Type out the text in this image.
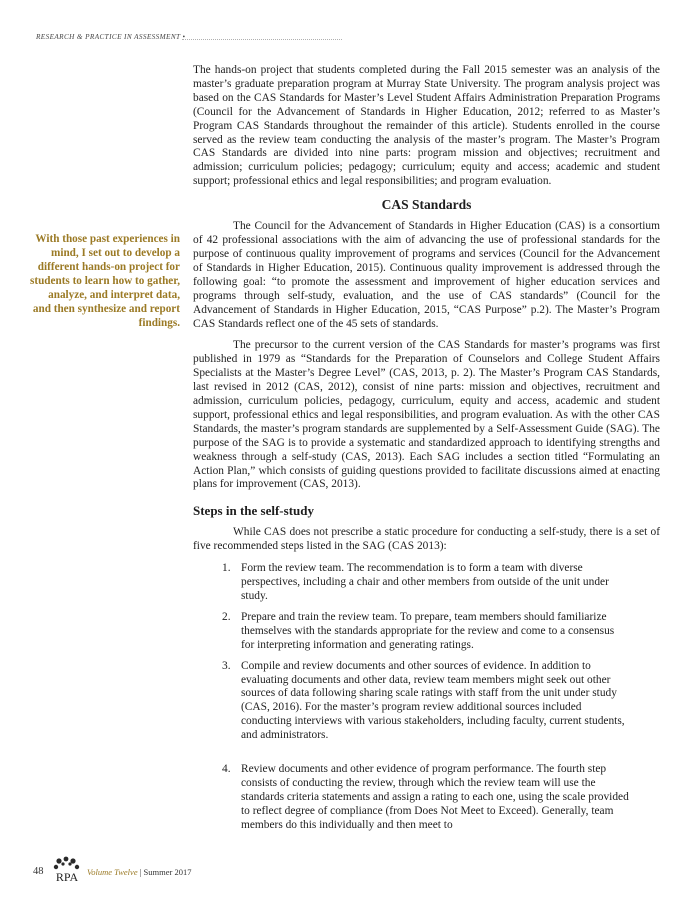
RESEARCH & PRACTICE IN ASSESSMENT •
With those past experiences in mind, I set out to develop a different hands-on project for students to learn how to gather, analyze, and interpret data, and then synthesize and report findings.

The hands-on project that students completed during the Fall 2015 semester was an analysis of the master’s graduate preparation program at Murray State University. The program analysis project was based on the CAS Standards for Master’s Level Student Affairs Administration Preparation Programs (Council for the Advancement of Standards in Higher Education, 2012; referred to as Master’s Program CAS Standards throughout the remainder of this article). Students enrolled in the course served as the review team conducting the analysis of the master’s program. The Master’s Program CAS Standards are divided into nine parts: program mission and objectives; recruitment and admission; curriculum policies; pedagogy; curriculum; equity and access; academic and student support; professional ethics and legal responsibilities; and program evaluation.

CAS Standards

The Council for the Advancement of Standards in Higher Education (CAS) is a consortium of 42 professional associations with the aim of advancing the use of professional standards for the purpose of continuous quality improvement of programs and services (Council for the Advancement of Standards in Higher Education, 2015). Continuous quality improvement is addressed through the following goal: “to promote the assessment and improvement of higher education services and programs through self-study, evaluation, and the use of CAS standards” (Council for the Advancement of Standards in Higher Education, 2015, “CAS Purpose” p.2). The Master’s Program CAS Standards reflect one of the 45 sets of standards.

The precursor to the current version of the CAS Standards for master’s programs was first published in 1979 as “Standards for the Preparation of Counselors and College Student Affairs Specialists at the Master’s Degree Level” (CAS, 2013, p. 2). The Master’s Program CAS Standards, last revised in 2012 (CAS, 2012), consist of nine parts: mission and objectives, recruitment and admission, curriculum policies, pedagogy, curriculum, equity and access, academic and student support, professional ethics and legal responsibilities, and program evaluation. As with the other CAS Standards, the master’s program standards are supplemented by a Self-Assessment Guide (SAG). The purpose of the SAG is to provide a systematic and standardized approach to identifying strengths and weakness through a self-study (CAS, 2013). Each SAG includes a section titled “Formulating an Action Plan,” which consists of guiding questions provided to facilitate discussions aimed at enacting plans for improvement (CAS, 2013).

Steps in the self-study

While CAS does not prescribe a static procedure for conducting a self-study, there is a set of five recommended steps listed in the SAG (CAS 2013):

1. Form the review team. The recommendation is to form a team with diverse perspectives, including a chair and other members from outside of the unit under study.
2. Prepare and train the review team. To prepare, team members should familiarize themselves with the standards appropriate for the review and come to a consensus for interpreting information and generating ratings.
3. Compile and review documents and other sources of evidence. In addition to evaluating documents and other data, review team members might seek out other sources of data following sharing scale ratings with staff from the unit under study (CAS, 2016). For the master’s program review additional sources included conducting interviews with various stakeholders, including faculty, current students, and administrators.
4. Review documents and other evidence of program performance. The fourth step consists of conducting the review, through which the review team will use the standards criteria statements and assign a rating to each one, using the scale provided to reflect degree of compliance (from Does Not Meet to Exceed). Generally, team members do this individually and then meet to
48 RPA Volume Twelve | Summer 2017
